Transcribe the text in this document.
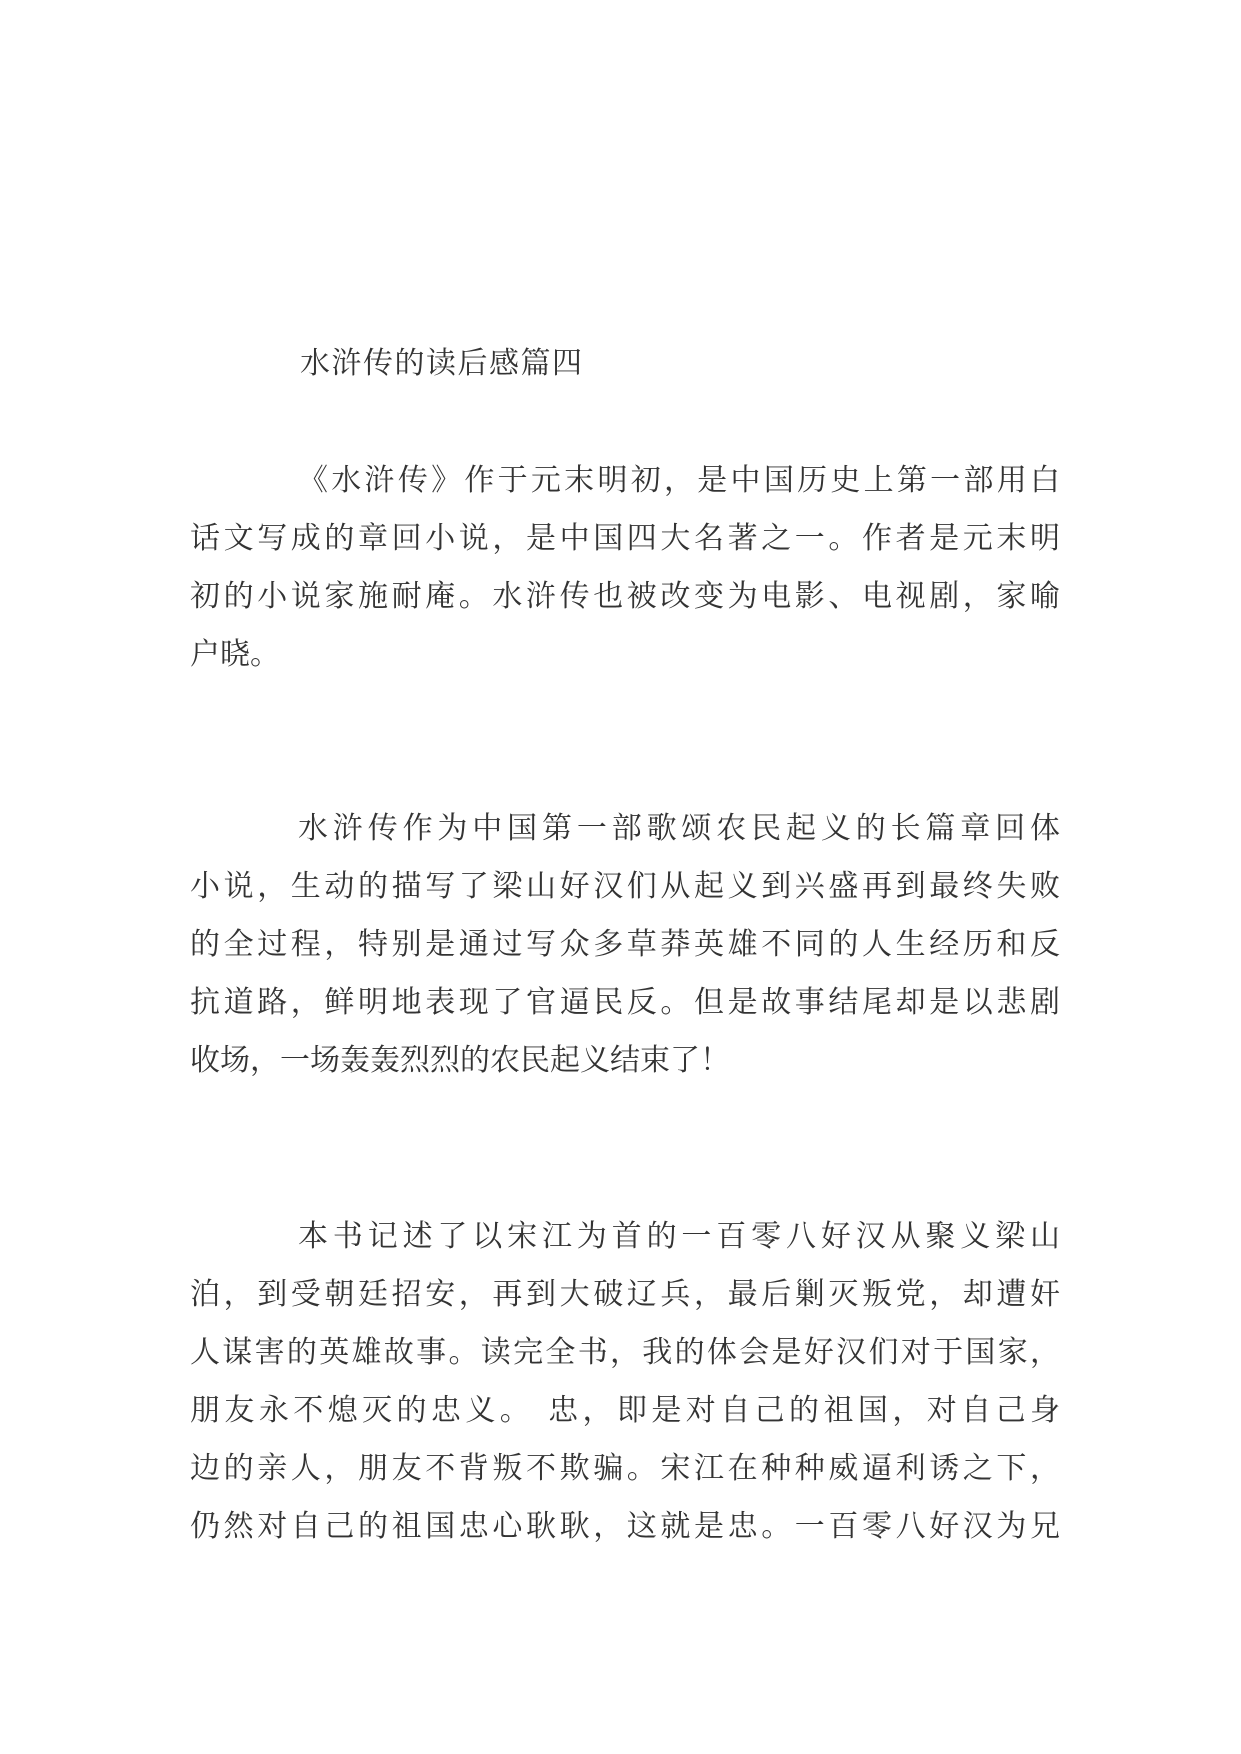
水浒传的读后感篇四
《水浒传》作于元末明初，是中国历史上第一部用白
话文写成的章回小说，是中国四大名著之一。作者是元末明
初的小说家施耐庵。水浒传也被改变为电影、电视剧，家喻
户晓。
水浒传作为中国第一部歌颂农民起义的长篇章回体
小说，生动的描写了梁山好汉们从起义到兴盛再到最终失败
的全过程，特别是通过写众多草莽英雄不同的人生经历和反
抗道路，鲜明地表现了官逼民反。但是故事结尾却是以悲剧
收场，一场轰轰烈烈的农民起义结束了！
本书记述了以宋江为首的一百零八好汉从聚义梁山
泊，到受朝廷招安，再到大破辽兵，最后剿灭叛党，却遭奸
人谋害的英雄故事。读完全书，我的体会是好汉们对于国家，
朋友永不熄灭的忠义。 忠，即是对自己的祖国，对自己身
边的亲人，朋友不背叛不欺骗。宋江在种种威逼利诱之下，
仍然对自己的祖国忠心耿耿，这就是忠。一百零八好汉为兄
